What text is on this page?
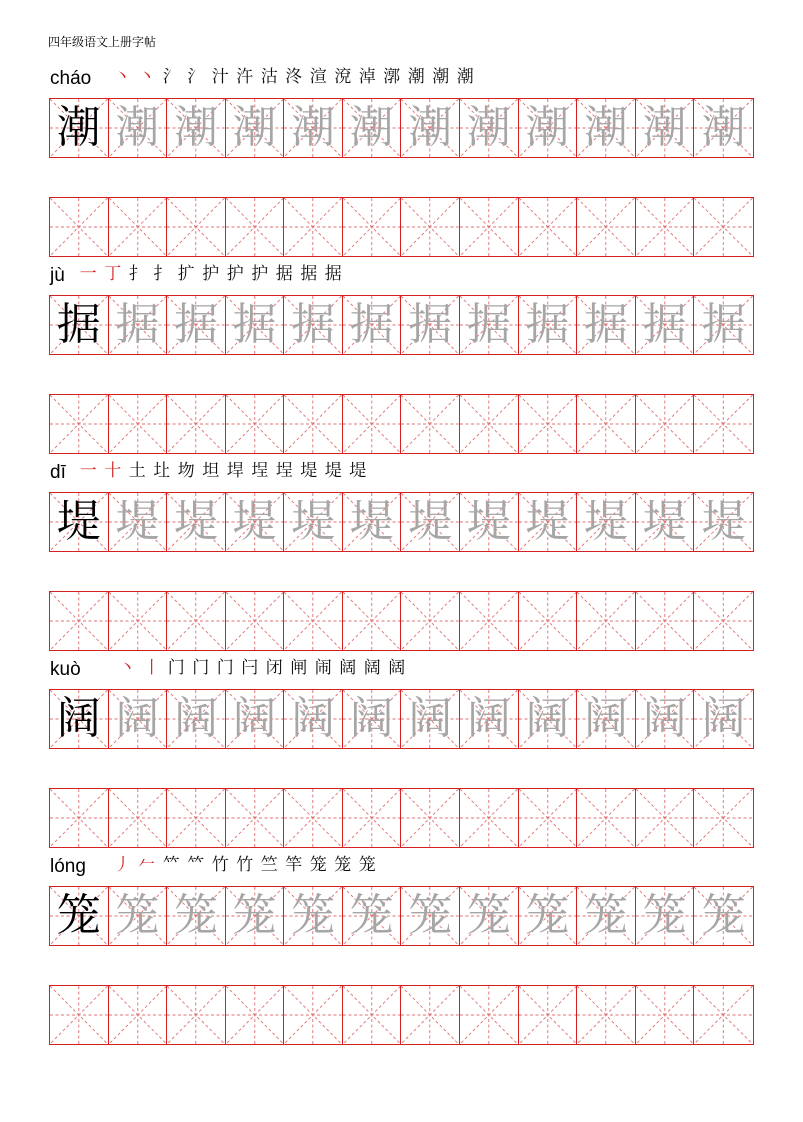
四年级语文上册字帖
cháo 丶 丶 氵 氵 汁 汻 沽 泈 渲 渷 淖 漷 潮 潮 潮
潮 潮 潮 潮 潮 潮 潮 潮 潮 潮 潮 潮
jù 一 丁 扌 扌 扩 护 护 护 据 据 据
据 据 据 据 据 据 据 据 据 据 据 据
dī 一 十 土 圵 圽 坦 垾 埕 埕 堤 堤 堤
堤 堤 堤 堤 堤 堤 堤 堤 堤 堤 堤 堤
kuò 丶 丨 门 门 门 闩 闭 闸 闹 阔 阔 阔
阔 阔 阔 阔 阔 阔 阔 阔 阔 阔 阔 阔
lóng 丿 𠂉 𥫗 𥫗 竹 竹 竺 竿 笼 笼 笼
笼 笼 笼 笼 笼 笼 笼 笼 笼 笼 笼 笼
